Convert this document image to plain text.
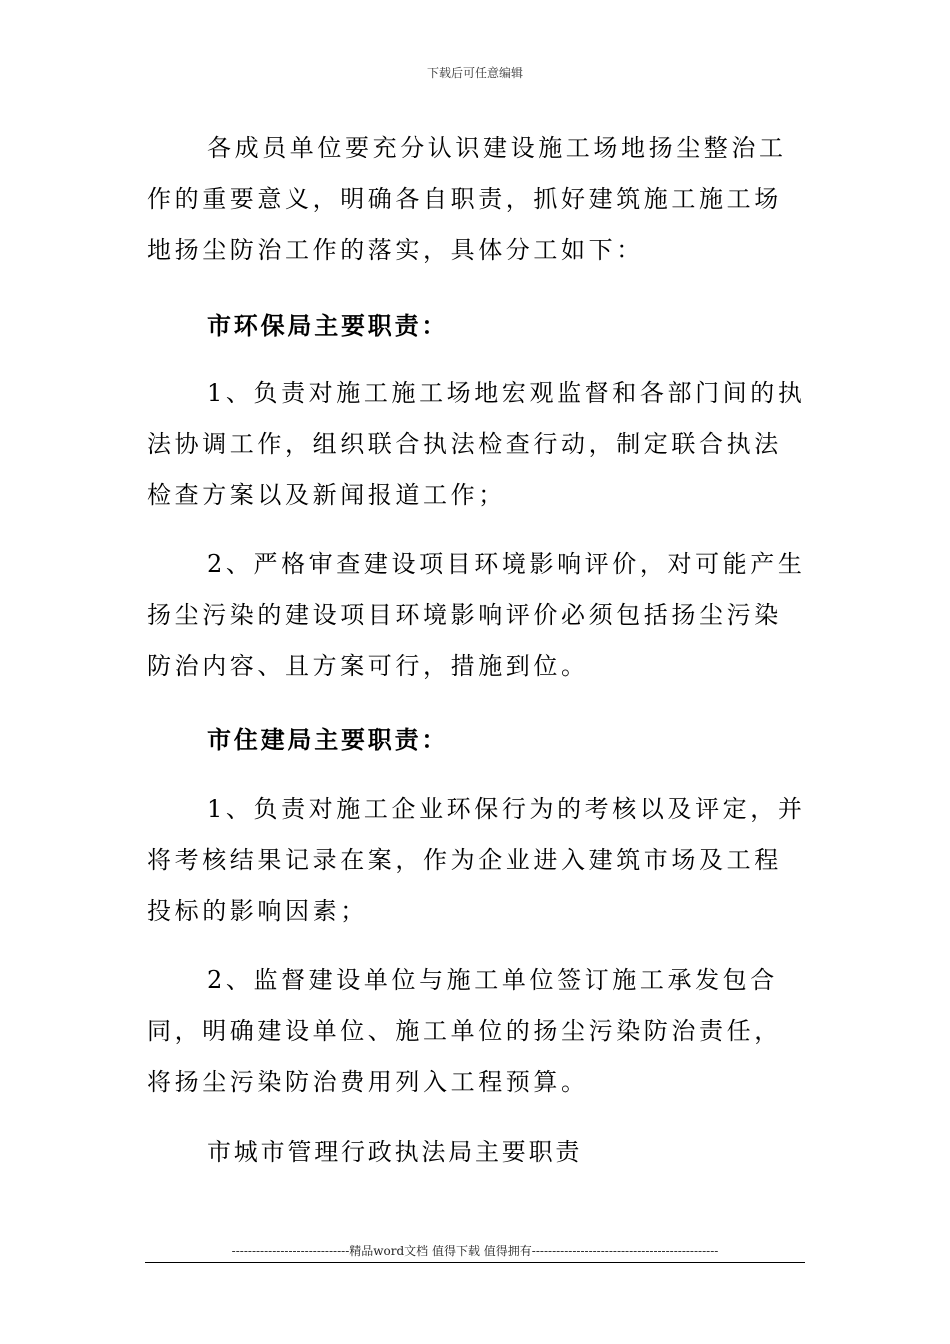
下载后可任意编辑

各成员单位要充分认识建设施工场地扬尘整治工作的重要意义，明确各自职责，抓好建筑施工施工场地扬尘防治工作的落实，具体分工如下：

市环保局主要职责：

1、负责对施工施工场地宏观监督和各部门间的执法协调工作，组织联合执法检查行动，制定联合执法检查方案以及新闻报道工作；

2、严格审查建设项目环境影响评价，对可能产生扬尘污染的建设项目环境影响评价必须包括扬尘污染防治内容、且方案可行，措施到位。

市住建局主要职责：

1、负责对施工企业环保行为的考核以及评定，并将考核结果记录在案，作为企业进入建筑市场及工程投标的影响因素；

2、监督建设单位与施工单位签订施工承发包合同，明确建设单位、施工单位的扬尘污染防治责任，将扬尘污染防治费用列入工程预算。

市城市管理行政执法局主要职责

-----------------------------精品word文档 值得下载 值得拥有----------------------------------------------
